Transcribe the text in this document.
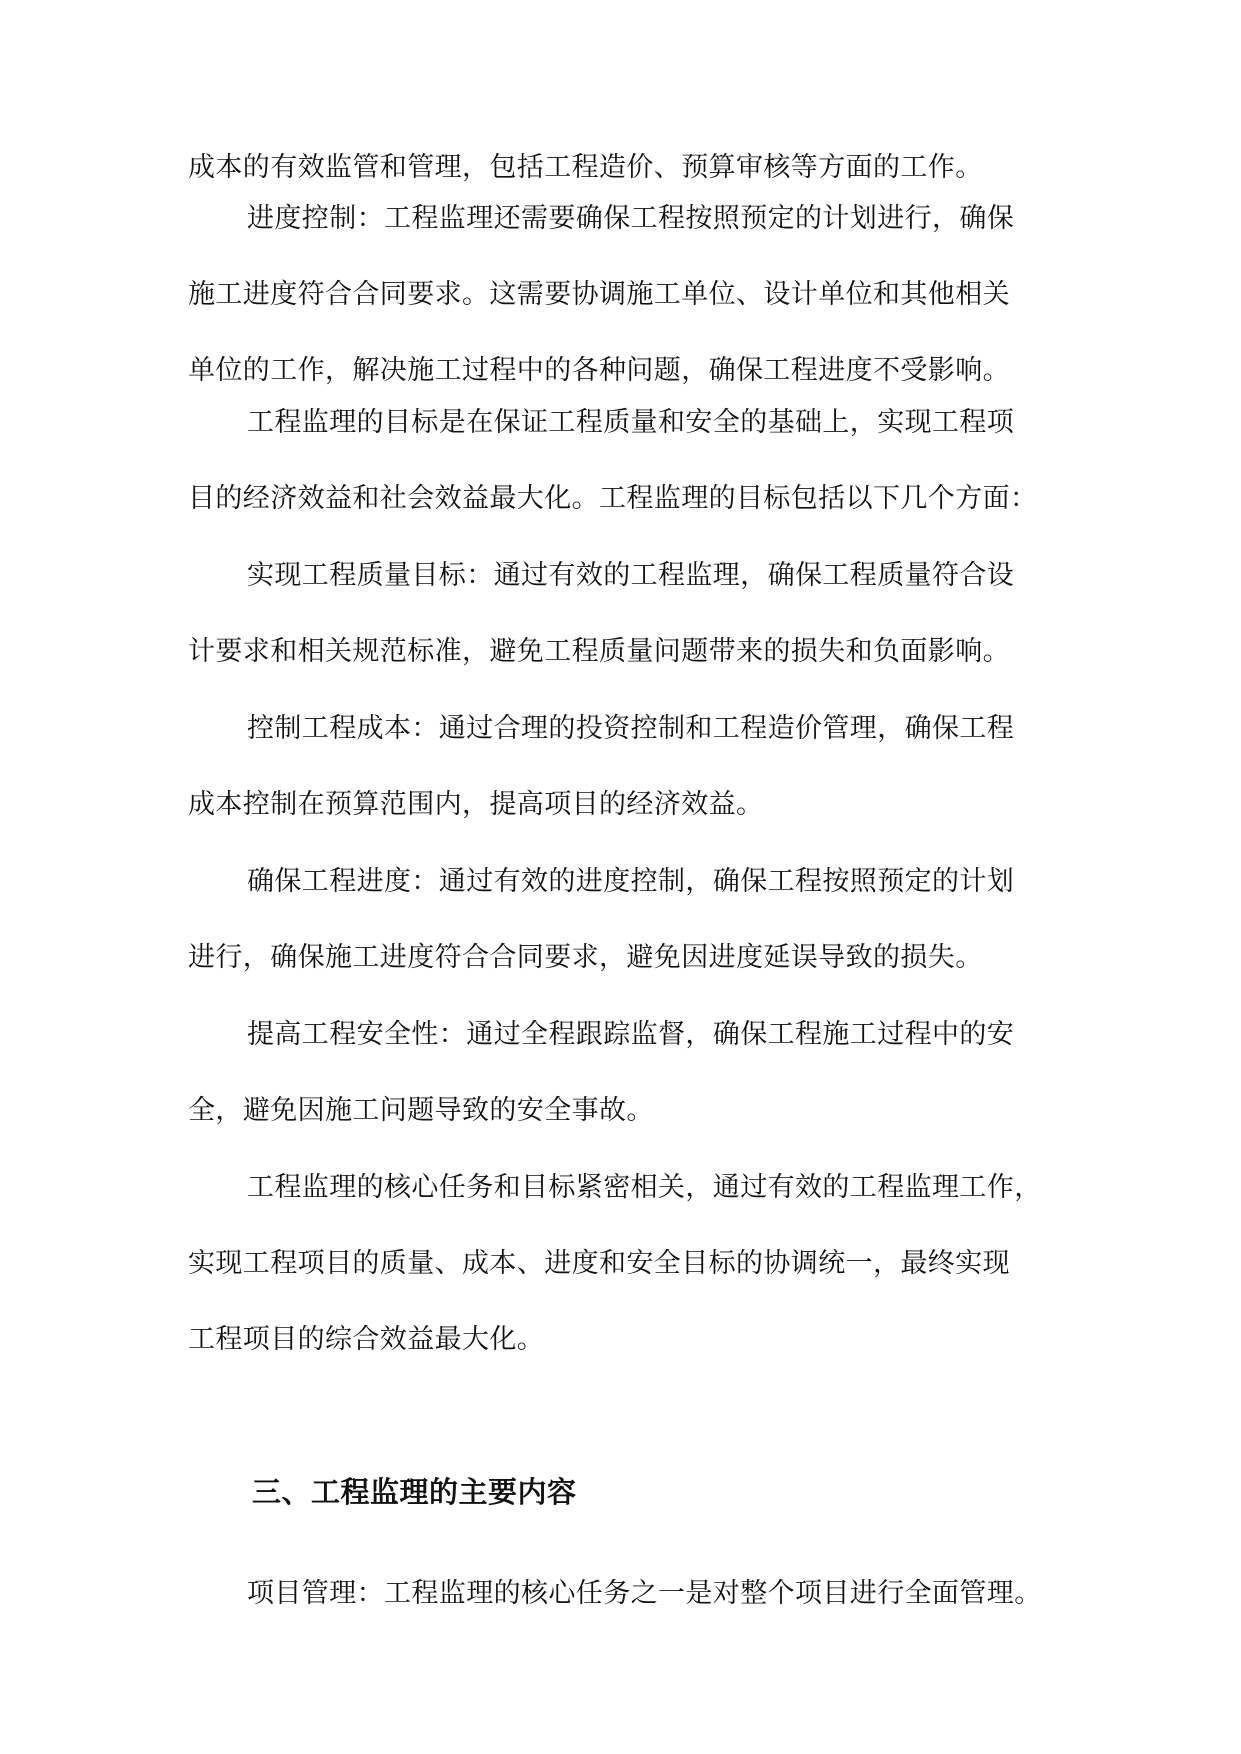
成本的有效监管和管理，包括工程造价、预算审核等方面的工作。
进度控制：工程监理还需要确保工程按照预定的计划进行，确保
施工进度符合合同要求。这需要协调施工单位、设计单位和其他相关
单位的工作，解决施工过程中的各种问题，确保工程进度不受影响。
工程监理的目标是在保证工程质量和安全的基础上，实现工程项
目的经济效益和社会效益最大化。工程监理的目标包括以下几个方面：
实现工程质量目标：通过有效的工程监理，确保工程质量符合设
计要求和相关规范标准，避免工程质量问题带来的损失和负面影响。
控制工程成本：通过合理的投资控制和工程造价管理，确保工程
成本控制在预算范围内，提高项目的经济效益。
确保工程进度：通过有效的进度控制，确保工程按照预定的计划
进行，确保施工进度符合合同要求，避免因进度延误导致的损失。
提高工程安全性：通过全程跟踪监督，确保工程施工过程中的安
全，避免因施工问题导致的安全事故。
工程监理的核心任务和目标紧密相关，通过有效的工程监理工作，
实现工程项目的质量、成本、进度和安全目标的协调统一，最终实现
工程项目的综合效益最大化。
三、工程监理的主要内容
项目管理：工程监理的核心任务之一是对整个项目进行全面管理。
